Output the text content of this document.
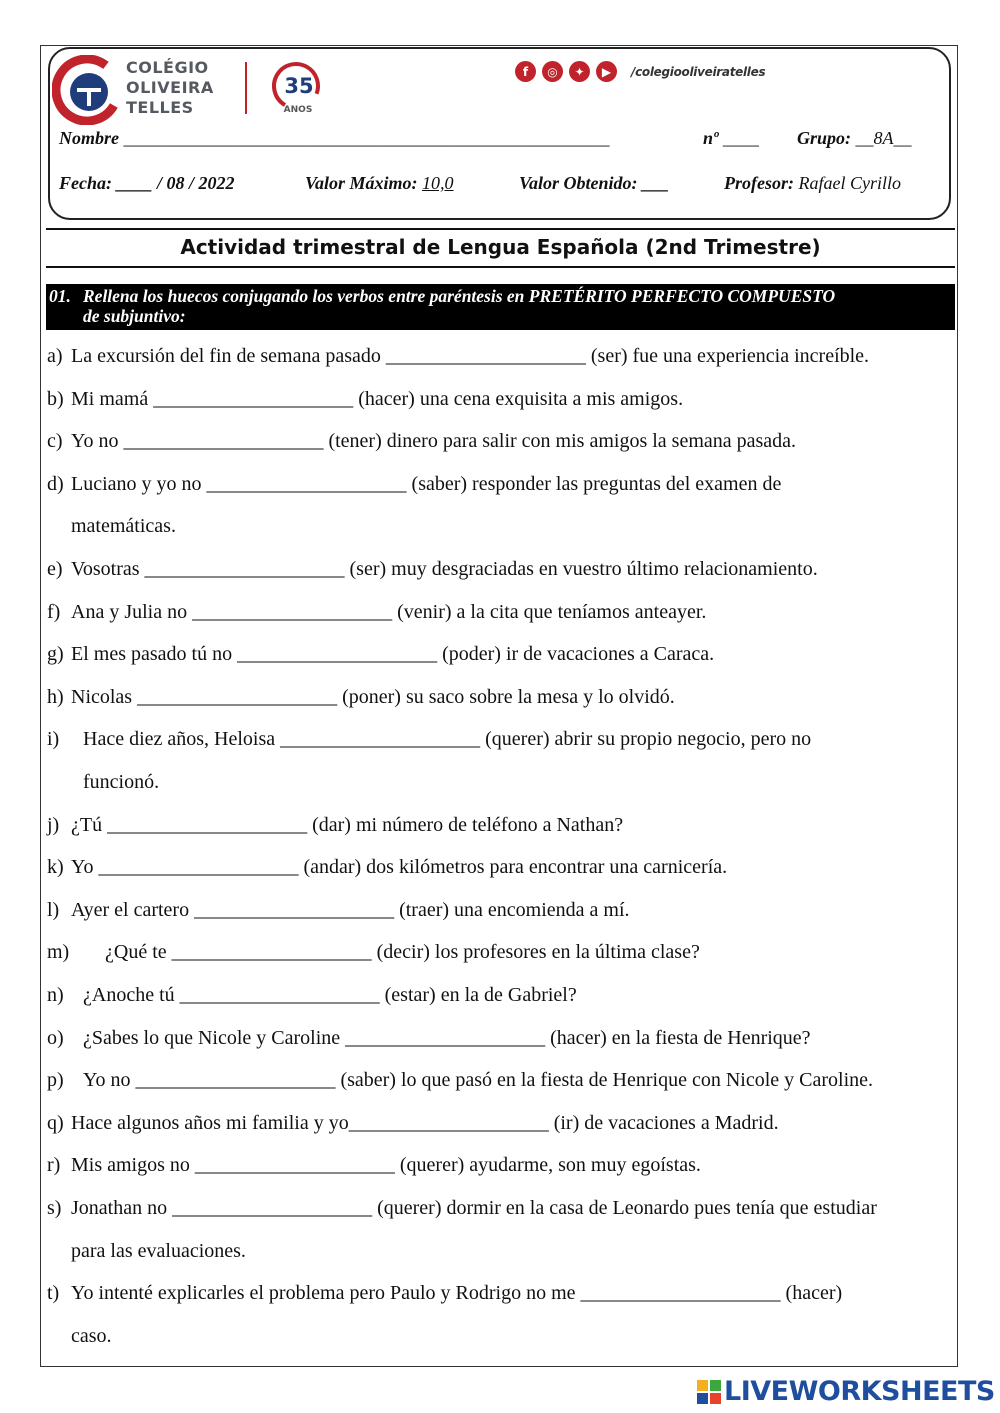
COLÉGIO
OLIVEIRA
TELLES
35
ANOS
f	◎	✦	▶	/colegiooliveiratelles
Nombre ______________________________________________________	nº ____ Grupo: __8A__
Fecha: ____ / 08 / 2022	Valor Máximo: 10,0	Valor Obtenido: ___	Profesor: Rafael Cyrillo
Actividad trimestral de Lengua Española (2nd Trimestre)
01. Rellena los huecos conjugando los verbos entre paréntesis en PRETÉRITO PERFECTO COMPUESTO
de subjuntivo:
a) La excursión del fin de semana pasado ____________________ (ser) fue una experiencia increíble.
b) Mi mamá ____________________ (hacer) una cena exquisita a mis amigos.
c) Yo no ____________________ (tener) dinero para salir con mis amigos la semana pasada.
d) Luciano y yo no ____________________ (saber) responder las preguntas del examen de
matemáticas.
e) Vosotras ____________________ (ser) muy desgraciadas en vuestro último relacionamiento.
f) Ana y Julia no ____________________ (venir) a la cita que teníamos anteayer.
g) El mes pasado tú no ____________________ (poder) ir de vacaciones a Caraca.
h) Nicolas ____________________ (poner) su saco sobre la mesa y lo olvidó.
i) Hace diez años, Heloisa ____________________ (querer) abrir su propio negocio, pero no
funcionó.
j) ¿Tú ____________________ (dar) mi número de teléfono a Nathan?
k) Yo ____________________ (andar) dos kilómetros para encontrar una carnicería.
l) Ayer el cartero ____________________ (traer) una encomienda a mí.
m) ¿Qué te ____________________ (decir) los profesores en la última clase?
n) ¿Anoche tú ____________________ (estar) en la de Gabriel?
o) ¿Sabes lo que Nicole y Caroline ____________________ (hacer) en la fiesta de Henrique?
p) Yo no ____________________ (saber) lo que pasó en la fiesta de Henrique con Nicole y Caroline.
q) Hace algunos años mi familia y yo____________________ (ir) de vacaciones a Madrid.
r) Mis amigos no ____________________ (querer) ayudarme, son muy egoístas.
s) Jonathan no ____________________ (querer) dormir en la casa de Leonardo pues tenía que estudiar
para las evaluaciones.
t) Yo intenté explicarles el problema pero Paulo y Rodrigo no me ____________________ (hacer)
caso.
LIVEWORKSHEETS
